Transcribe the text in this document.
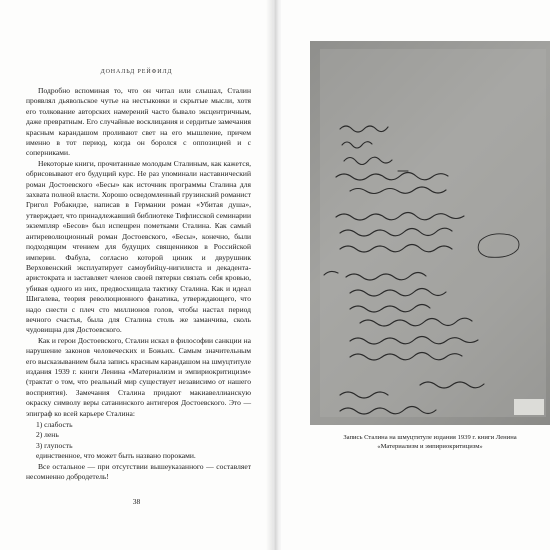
ДОНАЛЬД РЕЙФИЛД

Подробно вспоминая то, что он читал или слышал, Сталин проявлял дьявольское чутье на нестыковки и скрытые мысли, хотя его толкование авторских намерений часто бывало эксцентричным, даже превратным. Его случайные восклицания и сердитые замечания красным карандашом проливают свет на его мышление, причем именно в тот период, когда он боролся с оппозицией и с соперниками.

Некоторые книги, прочитанные молодым Сталиным, как кажется, обрисовывают его будущий курс. Не раз упоминали наставнический роман Достоевского «Бесы» как источник программы Сталина для захвата полной власти. Хорошо осведомленный грузинский романист Григол Робакидзе, написав в Германии роман «Убитая душа», утверждает, что принадлежавший библиотеке Тифлисской семинарии экземпляр «Бесов» был испещрен пометками Сталина. Как самый антиреволюционный роман Достоевского, «Бесы», конечно, были подходящим чтением для будущих священников в Российской империи. Фабула, согласно которой циник и двурушник Верховенский эксплуатирует самоубийцу-нигилиста и декадента-аристократа и заставляет членов своей пятерки связать себя кровью, убивая одного из них, предвосхищала тактику Сталина. Как и идеал Шигалева, теория революционного фанатика, утверждающего, что надо снести с плеч сто миллионов голов, чтобы настал период вечного счастья, была для Сталина столь же заманчива, сколь чудовищна для Достоевского.

Как и герои Достоевского, Сталин искал в философии санкции на нарушение законов человеческих и Божьих. Самым значительным его высказыванием была запись красным карандашом на шмуцтитуле издания 1939 г. книги Ленина «Материализм и эмпириокритицизм» (трактат о том, что реальный мир существует независимо от нашего восприятия). Замечания Сталина придают макиавеллианскую окраску символу веры сатанинского антигероя Достоевского. Это — эпиграф ко всей карьере Сталина:

1) слабость
2) лень
3) глупость
единственное, что может быть названо пороками.

Все остальное — при отсутствии вышеуказанного — составляет несомненно добродетель!

38
Запись Сталина на шмуцтитуле издания 1939 г. книги Ленина
«Материализм и эмпириокритицизм»
